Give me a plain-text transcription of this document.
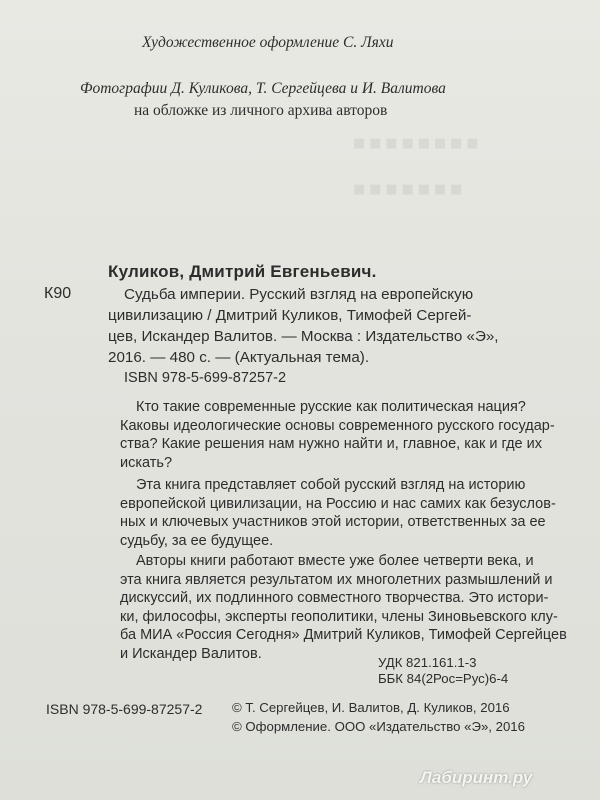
▪▪▪▪▪▪▪▪
▪▪▪▪▪▪▪
Художественное оформление С. Ляхи
Фотографии Д. Куликова, Т. Сергейцева и И. Валитова
на обложке из личного архива авторов
Куликов, Дмитрий Евгеньевич.
К90	Судьба империи. Русский взгляд на европейскую
цивилизацию / Дмитрий Куликов, Тимофей Сергей-
цев, Искандер Валитов. — Москва : Издательство «Э»,
2016. — 480 с. — (Актуальная тема).
ISBN 978-5-699-87257-2
Кто такие современные русские как политическая нация?
Каковы идеологические основы современного русского государ-
ства? Какие решения нам нужно найти и, главное, как и где их
искать?
Эта книга представляет собой русский взгляд на историю
европейской цивилизации, на Россию и нас самих как безуслов-
ных и ключевых участников этой истории, ответственных за ее
судьбу, за ее будущее.
Авторы книги работают вместе уже более четверти века, и
эта книга является результатом их многолетних размышлений и
дискуссий, их подлинного совместного творчества. Это истори-
ки, философы, эксперты геополитики, члены Зиновьевского клу-
ба МИА «Россия Сегодня» Дмитрий Куликов, Тимофей Сергейцев
и Искандер Валитов.
УДК 821.161.1-3
ББК 84(2Рос=Рус)6-4
ISBN 978-5-699-87257-2 © Т. Сергейцев, И. Валитов, Д. Куликов, 2016
© Оформление. ООО «Издательство «Э», 2016
Лабиринт.ру
